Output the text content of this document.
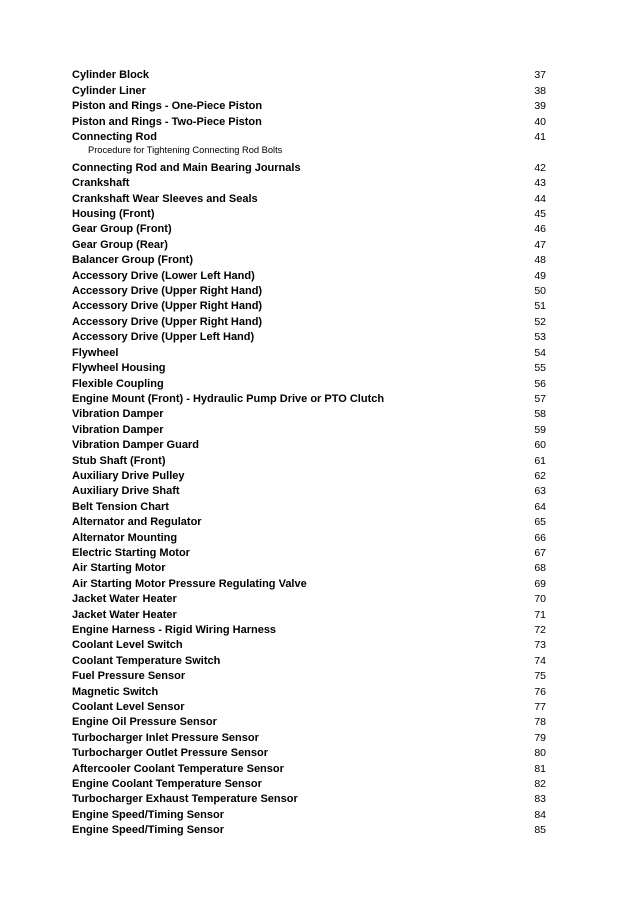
Cylinder Block	37
Cylinder Liner	38
Piston and Rings - One-Piece Piston	39
Piston and Rings - Two-Piece Piston	40
Connecting Rod	41
Procedure for Tightening Connecting Rod Bolts
Connecting Rod and Main Bearing Journals	42
Crankshaft	43
Crankshaft Wear Sleeves and Seals	44
Housing (Front)	45
Gear Group (Front)	46
Gear Group (Rear)	47
Balancer Group (Front)	48
Accessory Drive (Lower Left Hand)	49
Accessory Drive (Upper Right Hand)	50
Accessory Drive (Upper Right Hand)	51
Accessory Drive (Upper Right Hand)	52
Accessory Drive (Upper Left Hand)	53
Flywheel	54
Flywheel Housing	55
Flexible Coupling	56
Engine Mount (Front) - Hydraulic Pump Drive or PTO Clutch	57
Vibration Damper	58
Vibration Damper	59
Vibration Damper Guard	60
Stub Shaft (Front)	61
Auxiliary Drive Pulley	62
Auxiliary Drive Shaft	63
Belt Tension Chart	64
Alternator and Regulator	65
Alternator Mounting	66
Electric Starting Motor	67
Air Starting Motor	68
Air Starting Motor Pressure Regulating Valve	69
Jacket Water Heater	70
Jacket Water Heater	71
Engine Harness - Rigid Wiring Harness	72
Coolant Level Switch	73
Coolant Temperature Switch	74
Fuel Pressure Sensor	75
Magnetic Switch	76
Coolant Level Sensor	77
Engine Oil Pressure Sensor	78
Turbocharger Inlet Pressure Sensor	79
Turbocharger Outlet Pressure Sensor	80
Aftercooler Coolant Temperature Sensor	81
Engine Coolant Temperature Sensor	82
Turbocharger Exhaust Temperature Sensor	83
Engine Speed/Timing Sensor	84
Engine Speed/Timing Sensor	85
